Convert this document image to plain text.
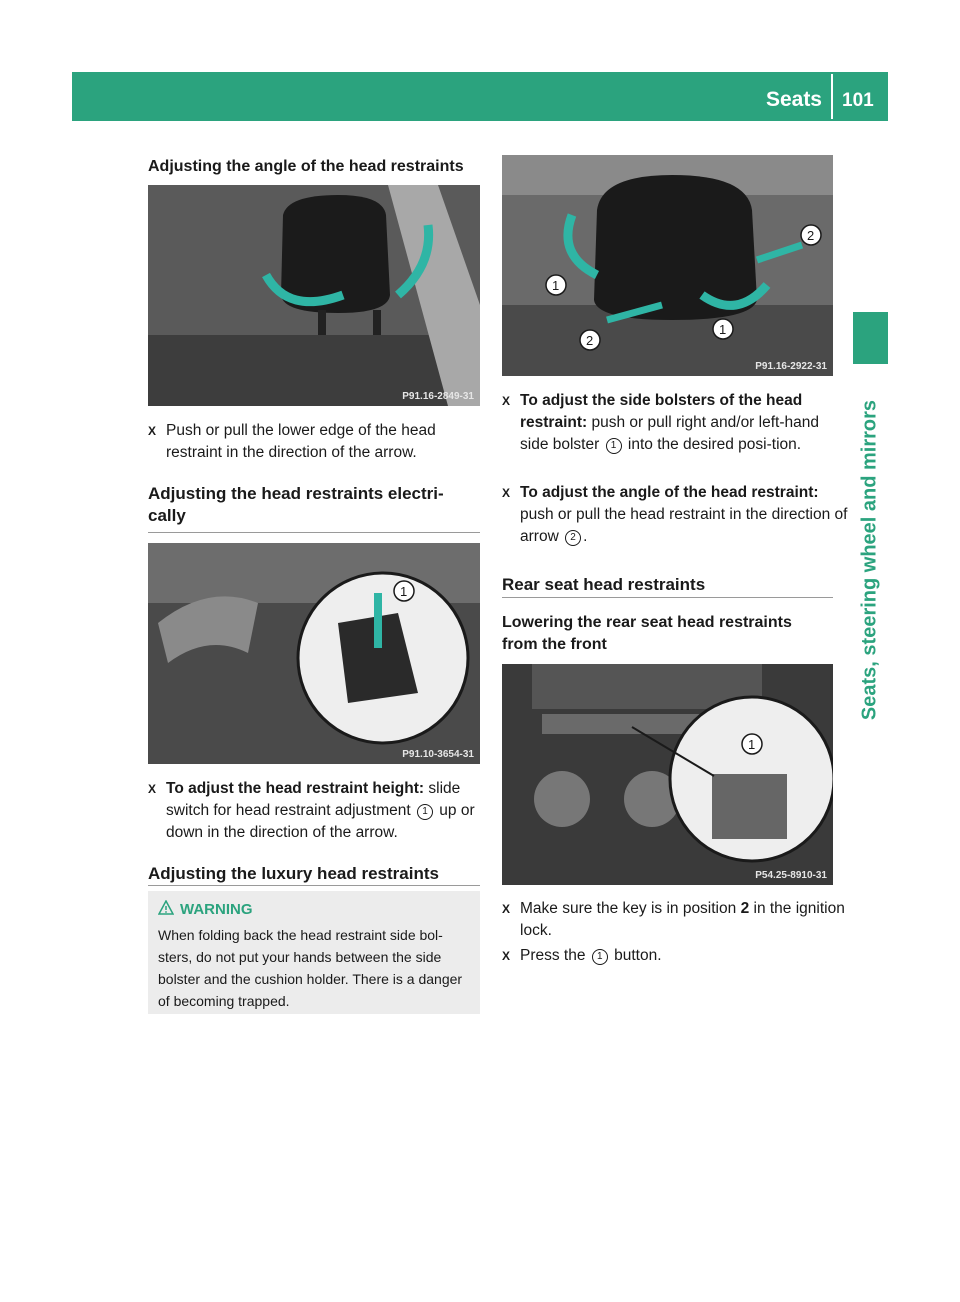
Seats 101
Seats, steering wheel and mirrors
Adjusting the angle of the head restraints
P91.16-2849-31
X Push or pull the lower edge of the head restraint in the direction of the arrow.
Adjusting the head restraints electri-cally
1
P91.10-3654-31
X To adjust the head restraint height: slide switch for head restraint adjustment 1 up or down in the direction of the arrow.
Adjusting the luxury head restraints
WARNING
When folding back the head restraint side bol-sters, do not put your hands between the side bolster and the cushion holder. There is a danger of becoming trapped.
1
2
1
2
P91.16-2922-31
X To adjust the side bolsters of the head restraint: push or pull right and/or left-hand side bolster 1 into the desired posi-tion.
X To adjust the angle of the head restraint: push or pull the head restraint in the direction of arrow 2 .
Rear seat head restraints
Lowering the rear seat head restraints from the front
1
P54.25-8910-31
X Make sure the key is in position 2 in the ignition lock.
X Press the 1 button.
